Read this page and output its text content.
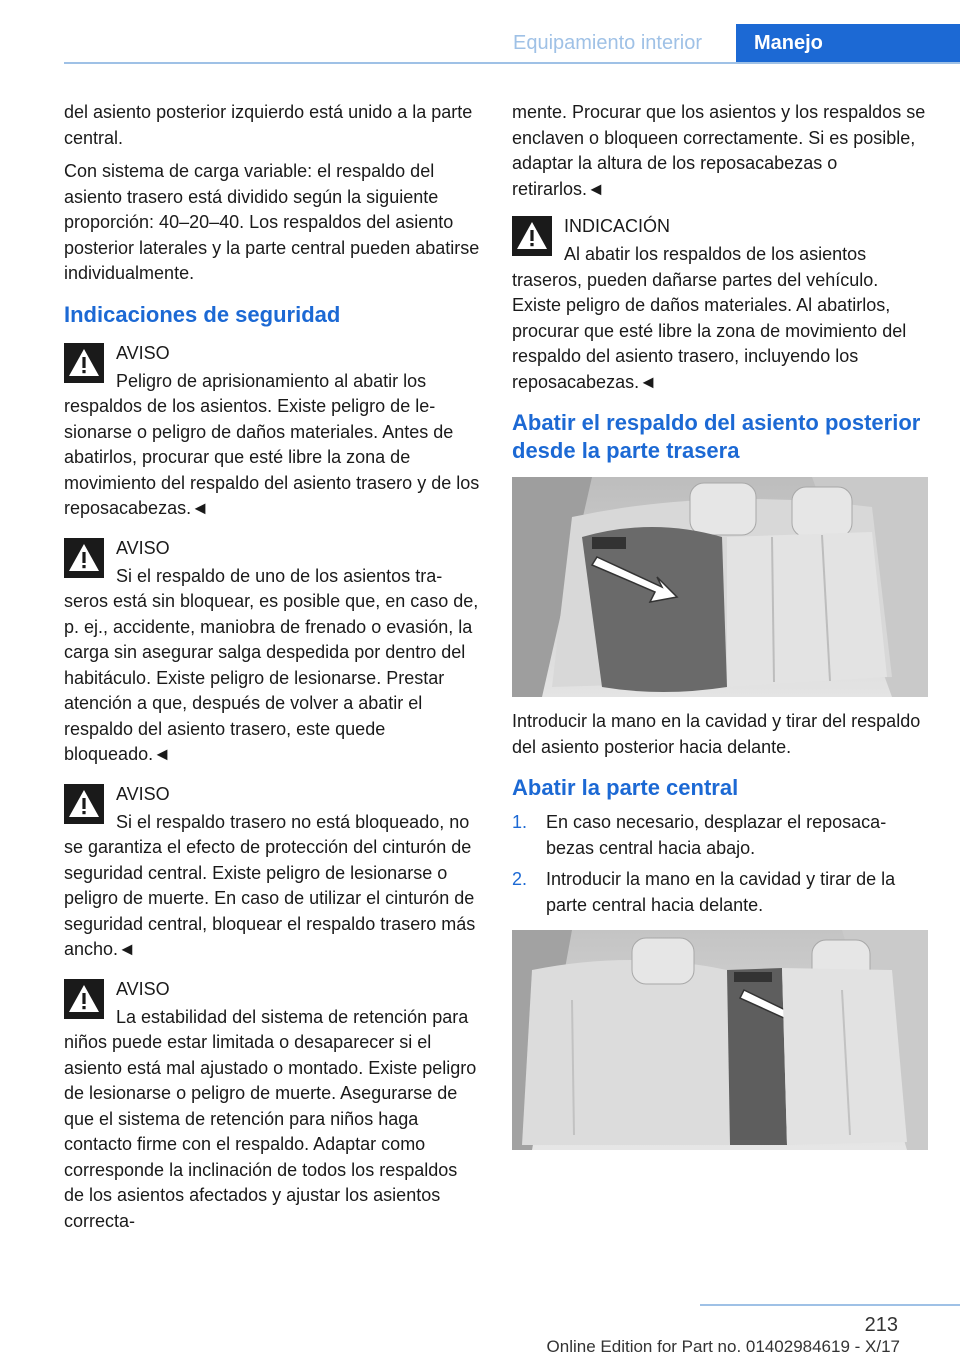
Equipamiento interior	Manejo

del asiento posterior izquierdo está unido a la parte central.

Con sistema de carga variable: el respaldo del asiento trasero está dividido según la siguiente proporción: 40–20–40. Los respaldos del asiento posterior laterales y la parte central pueden abatirse individualmente.

Indicaciones de seguridad
AVISO

Peligro de aprisionamiento al abatir los respaldos de los asientos. Existe peligro de lesionarse o peligro de daños materiales. Antes de abatirlos, procurar que esté libre la zona de movimiento del respaldo del asiento trasero y de los reposacabezas.◄

AVISO

Si el respaldo de uno de los asientos traseros está sin bloquear, es posible que, en caso de, p. ej., accidente, maniobra de frenado o evasión, la carga sin asegurar salga despedida por dentro del habitáculo. Existe peligro de lesionarse. Prestar atención a que, después de volver a abatir el respaldo del asiento trasero, este quede bloqueado.◄

AVISO

Si el respaldo trasero no está bloqueado, no se garantiza el efecto de protección del cinturón de seguridad central. Existe peligro de lesionarse o peligro de muerte. En caso de utilizar el cinturón de seguridad central, bloquear el respaldo trasero más ancho.◄

AVISO

La estabilidad del sistema de retención para niños puede estar limitada o desaparecer si el asiento está mal ajustado o montado. Existe peligro de lesionarse o peligro de muerte. Asegurarse de que el sistema de retención para niños haga contacto firme con el respaldo. Adaptar como corresponde la inclinación de todos los respaldos de los asientos afectados y ajustar los asientos correcta-

mente. Procurar que los asientos y los respaldos se enclaven o bloqueen correctamente. Si es posible, adaptar la altura de los reposacabezas o retirarlos.◄

INDICACIÓN

Al abatir los respaldos de los asientos traseros, pueden dañarse partes del vehículo. Existe peligro de daños materiales. Al abatirlos, procurar que esté libre la zona de movimiento del respaldo del asiento trasero, incluyendo los reposacabezas.◄

Abatir el respaldo del asiento posterior desde la parte trasera

Introducir la mano en la cavidad y tirar del respaldo del asiento posterior hacia delante.

Abatir la parte central
1. En caso necesario, desplazar el reposacabezas central hacia abajo.
2. Introducir la mano en la cavidad y tirar de la parte central hacia delante.
213
Online Edition for Part no. 01402984619 - X/17
